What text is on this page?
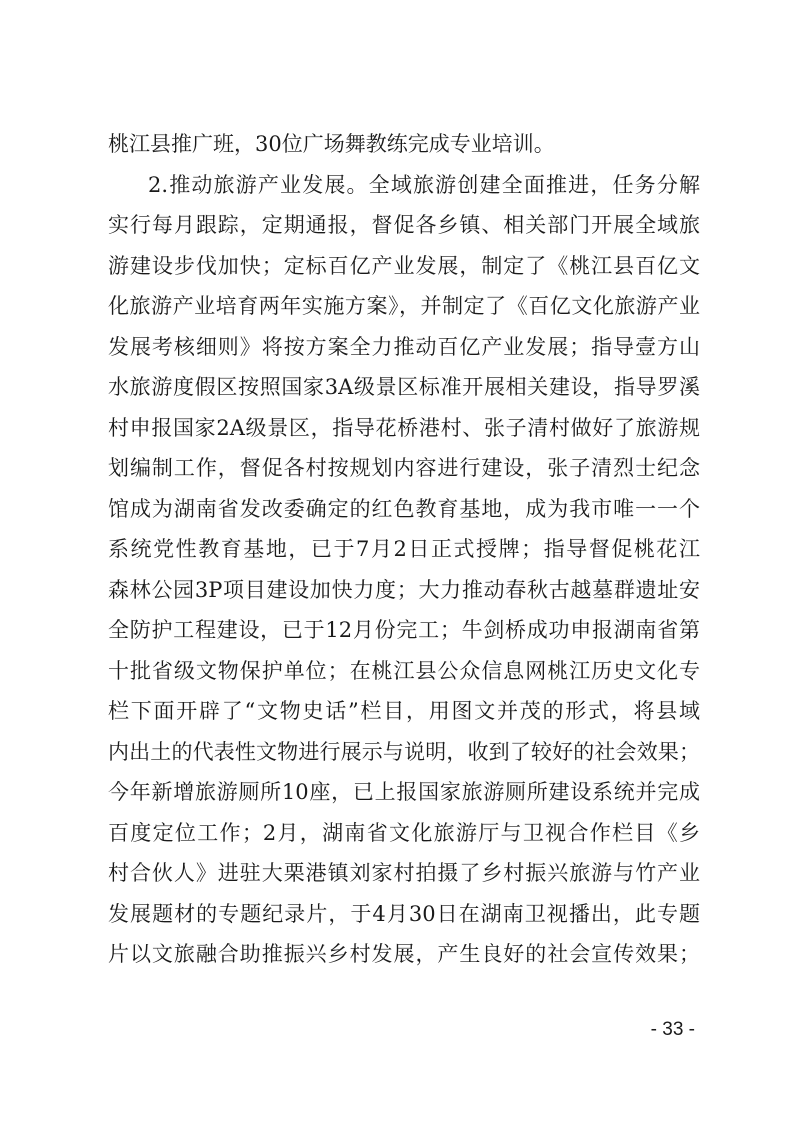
桃江县推广班，30位广场舞教练完成专业培训。
2.推动旅游产业发展。全域旅游创建全面推进，任务分解
实行每月跟踪，定期通报，督促各乡镇、相关部门开展全域旅
游建设步伐加快；定标百亿产业发展，制定了《桃江县百亿文
化旅游产业培育两年实施方案》，并制定了《百亿文化旅游产业
发展考核细则》将按方案全力推动百亿产业发展；指导壹方山
水旅游度假区按照国家3A级景区标准开展相关建设，指导罗溪
村申报国家2A级景区，指导花桥港村、张子清村做好了旅游规
划编制工作，督促各村按规划内容进行建设，张子清烈士纪念
馆成为湖南省发改委确定的红色教育基地，成为我市唯一一个
系统党性教育基地，已于7月2日正式授牌；指导督促桃花江
森林公园3P项目建设加快力度；大力推动春秋古越墓群遗址安
全防护工程建设，已于12月份完工；牛剑桥成功申报湖南省第
十批省级文物保护单位；在桃江县公众信息网桃江历史文化专
栏下面开辟了“文物史话”栏目，用图文并茂的形式，将县域
内出土的代表性文物进行展示与说明，收到了较好的社会效果；
今年新增旅游厕所10座，已上报国家旅游厕所建设系统并完成
百度定位工作；2月，湖南省文化旅游厅与卫视合作栏目《乡
村合伙人》进驻大栗港镇刘家村拍摄了乡村振兴旅游与竹产业
发展题材的专题纪录片，于4月30日在湖南卫视播出，此专题
片以文旅融合助推振兴乡村发展，产生良好的社会宣传效果；
- 33 -
